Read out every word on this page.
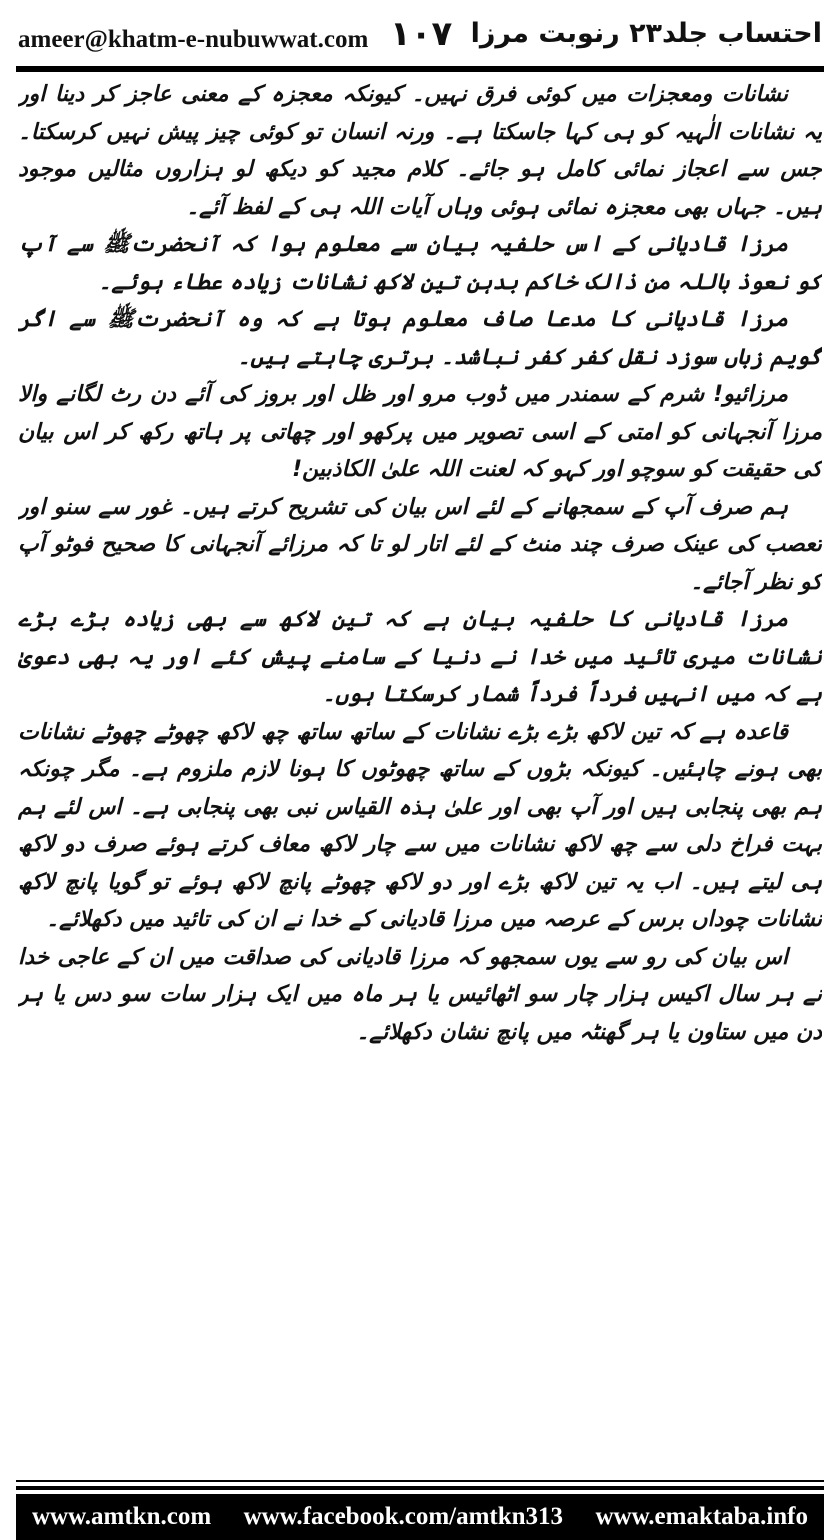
ameer@khatm-e-nubuwwat.com ١٠٧ احتساب جلد۲۳ رنوبت مرزا

نشانات ومعجزات میں کوئی فرق نہیں۔ کیونکہ معجزہ کے معنی عاجز کر دینا اور یہ نشانات الٰہیہ کو ہی کہا جاسکتا ہے۔ ورنہ انسان تو کوئی چیز پیش نہیں کرسکتا۔ جس سے اعجاز نمائی کامل ہو جائے۔ کلام مجید کو دیکھ لو ہزاروں مثالیں موجود ہیں۔ جہاں بھی معجزہ نمائی ہوئی وہاں آیات اللہ ہی کے لفظ آئے۔

مرزا قادیانی کے اس حلفیہ بیان سے معلوم ہوا کہ آنحضرتﷺ سے آپ کو نعوذ باللہ من ذالک خاکم بدہن تین لاکھ نشانات زیادہ عطاء ہوئے۔

مرزا قادیانی کا مدعا صاف معلوم ہوتا ہے کہ وہ آنحضرتﷺ سے اگر گویم زباں سوزد نقل کفر کفر نباشد۔ برتری چاہتے ہیں۔

مرزائیو! شرم کے سمندر میں ڈوب مرو اور ظل اور بروز کی آئے دن رٹ لگانے والا مرزا آنجہانی کو امتی کے اسی تصویر میں پرکھو اور چھاتی پر ہاتھ رکھ کر اس بیان کی حقیقت کو سوچو اور کہو کہ لعنت اللہ علیٰ الکاذبین!

ہم صرف آپ کے سمجھانے کے لئے اس بیان کی تشریح کرتے ہیں۔ غور سے سنو اور تعصب کی عینک صرف چند منٹ کے لئے اتار لو تا کہ مرزائے آنجہانی کا صحیح فوٹو آپ کو نظر آجائے۔

مرزا قادیانی کا حلفیہ بیان ہے کہ تین لاکھ سے بھی زیادہ بڑے بڑے نشانات میری تائید میں خدا نے دنیا کے سامنے پیش کئے اور یہ بھی دعویٰ ہے کہ میں انہیں فرداً فرداً شمار کرسکتا ہوں۔

قاعدہ ہے کہ تین لاکھ بڑے بڑے نشانات کے ساتھ ساتھ چھ لاکھ چھوٹے چھوٹے نشانات بھی ہونے چاہئیں۔ کیونکہ بڑوں کے ساتھ چھوٹوں کا ہونا لازم ملزوم ہے۔ مگر چونکہ ہم بھی پنجابی ہیں اور آپ بھی اور علیٰ ہذہ القیاس نبی بھی پنجابی ہے۔ اس لئے ہم بہت فراخ دلی سے چھ لاکھ نشانات میں سے چار لاکھ معاف کرتے ہوئے صرف دو لاکھ ہی لیتے ہیں۔ اب یہ تین لاکھ بڑے اور دو لاکھ چھوٹے پانچ لاکھ ہوئے تو گویا پانچ لاکھ نشانات چوداں برس کے عرصہ میں مرزا قادیانی کے خدا نے ان کی تائید میں دکھلائے۔

اس بیان کی رو سے یوں سمجھو کہ مرزا قادیانی کی صداقت میں ان کے عاجی خدا نے ہر سال اکیس ہزار چار سو اٹھائیس یا ہر ماہ میں ایک ہزار سات سو دس یا ہر دن میں ستاون یا ہر گھنٹہ میں پانچ نشان دکھلائے۔

www.amtkn.com www.facebook.com/amtkn313 www.emaktaba.info
